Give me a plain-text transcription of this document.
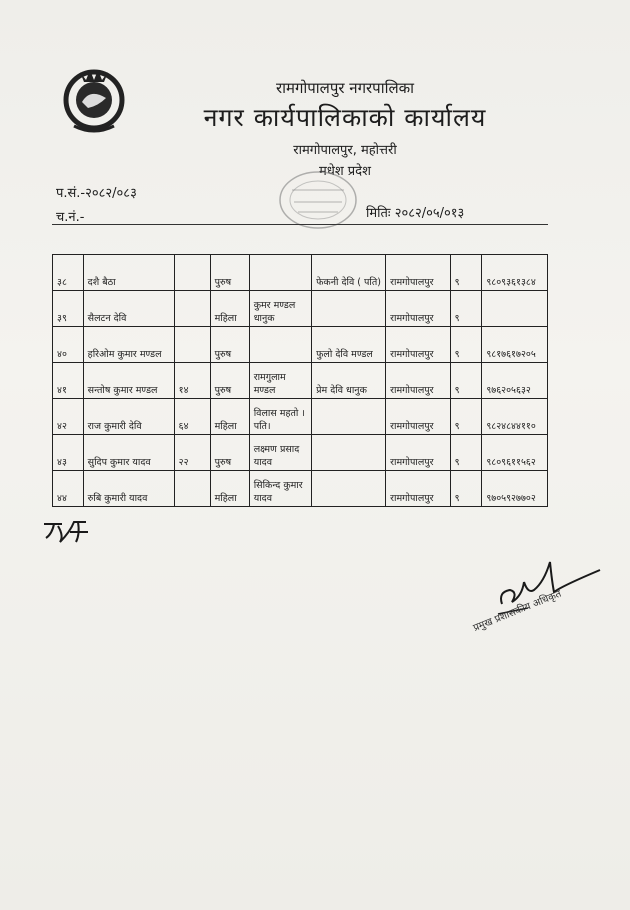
रामगोपालपुर नगरपालिका
नगर कार्यपालिकाको कार्यालय
रामगोपालपुर, महोत्तरी
मधेश प्रदेश
प.सं.-२०८२/०८३
च.नं.-	मितिः २०८२/०५/०१३
३८	दशै बैठा		पुरुष		फेकनी देवि ( पति)	रामगोपालपुर	९	९८०९३६१३८४
३९	सैलटन देवि		महिला	कुमर मण्डल धानुक		रामगोपालपुर	९	
४०	हरिओम कुमार मण्डल		पुरुष		फुलो देवि मण्डल	रामगोपालपुर	९	९८१७६१७२०५
४१	सन्तोष कुमार मण्डल	१४	पुरुष	रामगुलाम मण्डल	प्रेम देवि धानुक	रामगोपालपुर	९	९७६२०५६३२
४२	राज कुमारी देवि	६४	महिला	विलास महतो । पति।		रामगोपालपुर	९	९८२४८४४११०
४३	सुदिप कुमार यादव	२२	पुरुष	लक्ष्मण प्रसाद यादव		रामगोपालपुर	९	९८०९६११५६२
४४	रुबि कुमारी यादव		महिला	सिकिन्द कुमार यादव		रामगोपालपुर	९	९७०५९२७७०२
प्रमुख प्रशासकीय अधिकृत
